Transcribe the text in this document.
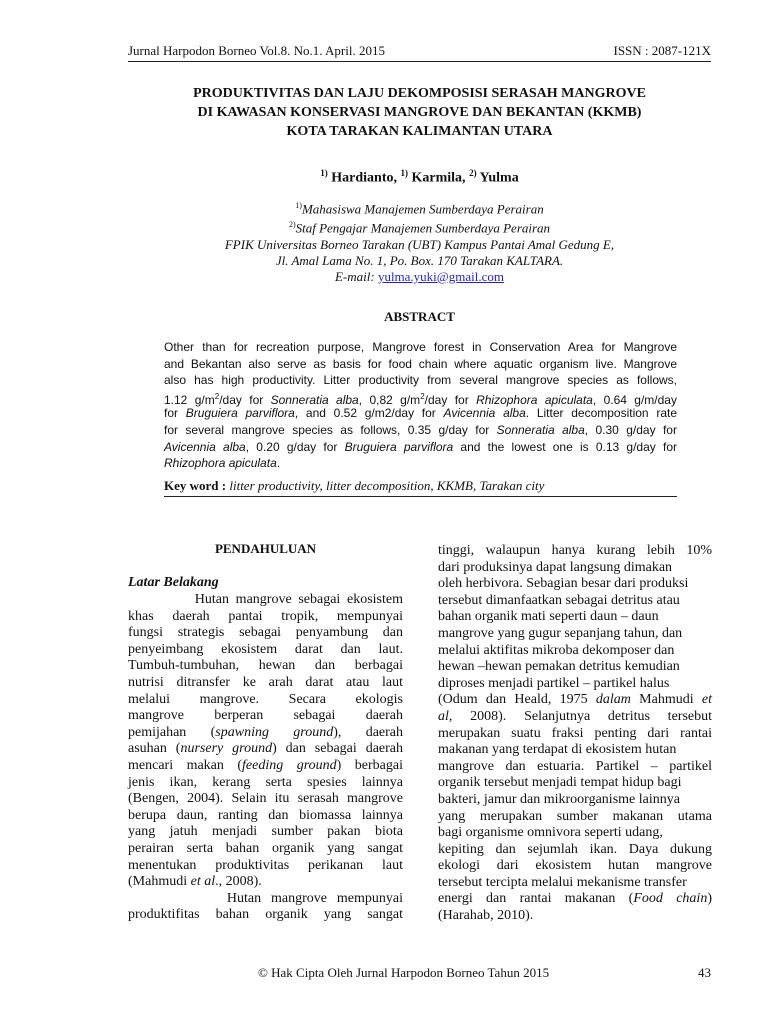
Jurnal Harpodon Borneo Vol.8. No.1. April. 2015	ISSN : 2087-121X
PRODUKTIVITAS DAN LAJU DEKOMPOSISI SERASAH MANGROVE
DI KAWASAN KONSERVASI MANGROVE DAN BEKANTAN (KKMB)
KOTA TARAKAN KALIMANTAN UTARA
$^{1)}$ Hardianto, $^{1)}$ Karmila, $^{2)}$ Yulma
$^{1)}$Mahasiswa Manajemen Sumberdaya Perairan
$^{2)}$Staf Pengajar Manajemen Sumberdaya Perairan
FPIK Universitas Borneo Tarakan (UBT) Kampus Pantai Amal Gedung E,
Jl. Amal Lama No. 1, Po. Box. 170 Tarakan KALTARA.
E-mail: yulma.yuki@gmail.com
ABSTRACT
Other than for recreation purpose, Mangrove forest in Conservation Area for Mangrove
and Bekantan also serve as basis for food chain where aquatic organism live. Mangrove
also has high productivity. Litter productivity from several mangrove species as follows,
1.12 $g/m^2$/day for Sonneratia alba, 0,82 $g/m^2$/day for Rhizophora apiculata, 0.64 g/m/day
for Bruguiera parviflora, and 0.52 g/m2/day for Avicennia alba. Litter decomposition rate
for several mangrove species as follows, 0.35 g/day for Sonneratia alba, 0.30 g/day for
Avicennia alba, 0.20 g/day for Bruguiera parviflora and the lowest one is 0.13 g/day for
Rhizophora apiculata.
Key word : litter productivity, litter decomposition, KKMB, Tarakan city
PENDAHULUAN
Latar Belakang
Hutan mangrove sebagai ekosistem
khas daerah pantai tropik, mempunyai
fungsi strategis sebagai penyambung dan
penyeimbang ekosistem darat dan laut.
Tumbuh-tumbuhan, hewan dan berbagai
nutrisi ditransfer ke arah darat atau laut
melalui mangrove. Secara ekologis
mangrove berperan sebagai daerah
pemijahan (spawning ground), daerah
asuhan (nursery ground) dan sebagai daerah
mencari makan (feeding ground) berbagai
jenis ikan, kerang serta spesies lainnya
(Bengen, 2004). Selain itu serasah mangrove
berupa daun, ranting dan biomassa lainnya
yang jatuh menjadi sumber pakan biota
perairan serta bahan organik yang sangat
menentukan produktivitas perikanan laut
(Mahmudi et al., 2008).
Hutan mangrove mempunyai
produktifitas bahan organik yang sangat
tinggi, walaupun hanya kurang lebih 10%
dari produksinya dapat langsung dimakan
oleh herbivora. Sebagian besar dari produksi
tersebut dimanfaatkan sebagai detritus atau
bahan organik mati seperti daun – daun
mangrove yang gugur sepanjang tahun, dan
melalui aktifitas mikroba dekomposer dan
hewan –hewan pemakan detritus kemudian
diproses menjadi partikel – partikel halus
(Odum dan Heald, 1975 dalam Mahmudi et
al, 2008). Selanjutnya detritus tersebut
merupakan suatu fraksi penting dari rantai
makanan yang terdapat di ekosistem hutan
mangrove dan estuaria. Partikel – partikel
organik tersebut menjadi tempat hidup bagi
bakteri, jamur dan mikroorganisme lainnya
yang merupakan sumber makanan utama
bagi organisme omnivora seperti udang,
kepiting dan sejumlah ikan. Daya dukung
ekologi dari ekosistem hutan mangrove
tersebut tercipta melalui mekanisme transfer
energi dan rantai makanan (Food chain)
(Harahab, 2010).
© Hak Cipta Oleh Jurnal Harpodon Borneo Tahun 2015	43
